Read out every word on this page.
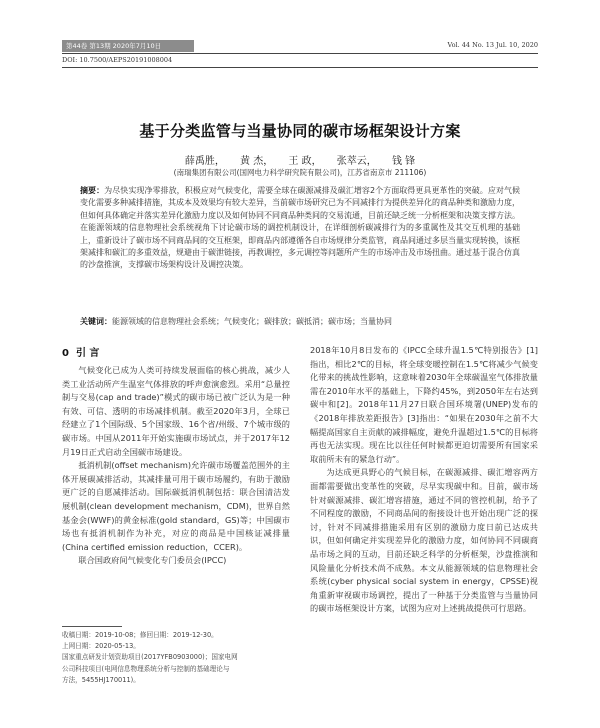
第44卷 第13期 2020年7月10日	Vol. 44 No. 13 Jul. 10, 2020
DOI: 10.7500/AEPS20191008004
基于分类监管与当量协同的碳市场框架设计方案
薛禹胜， 黄 杰， 王 政， 张萃云， 钱 锋
(南瑞集团有限公司(国网电力科学研究院有限公司)，江苏省南京市 211106)
摘要：为尽快实现净零排放，积极应对气候变化，需要全球在碳源减排及碳汇增容2个方面取得更具更革性的突破。应对气候变化需要多种减排措施，其成本及效果均有较大差异，当前碳市场研究已为不同减排行为提供差异化的商品种类和激励力度，但如何具体确定并落实差异化激励力度以及如何协同不同商品种类间的交易流通，目前还缺乏统一分析框架和决策支撑方法。在能源领域的信息物理社会系统视角下讨论碳市场的调控机制设计，在详细剖析碳减排行为的多重属性及其交互机理的基础上，重新设计了碳市场不同商品间的交互框架，即商品内部遵循各自市场规律分类监管，商品间通过多层当量实现转换，该框架减排和碳汇的多重效益，规避由于碳泄链接，再教调控，多元调控等问题所产生的市场冲击及市场扭曲。通过基于混合仿真的沙盘推演，支撑碳市场架构设计及调控决策。
关键词：能源领域的信息物理社会系统；气候变化；碳排放；碳抵消；碳市场；当量协同
0 引 言

气候变化已成为人类可持续发展面临的核心挑战，减少人类工业活动所产生温室气体排放的呼声愈演愈烈。采用“总量控制与交易(cap and trade)”模式的碳市场已被广泛认为是一种有效、可信、透明的市场减排机制。截至2020年3月，全球已经建立了1个国际级、5个国家级、16个省/州级、7个城市级的碳市场。中国从2011年开始实施碳市场试点，并于2017年12月19日正式启动全国碳市场建设。

抵消机制(offset mechanism)允许碳市场覆盖范围外的主体开展碳减排活动，其减排量可用于碳市场履约，有助于激励更广泛的自愿减排活动。国际碳抵消机制包括：联合国清洁发展机制(clean development mechanism，CDM)，世界自然基金会(WWF)的黄金标准(gold standard，GS)等；中国碳市场也有抵消机制作为补充，对应的商品是中国核证减排量(China certified emission reduction，CCER)。

联合国政府间气候变化专门委员会(IPCC)

2018年10月8日发布的《IPCC全球升温1.5℃特别报告》[1]指出，相比2℃的目标，将全球变暖控制在1.5℃将减少气候变化带来的挑战性影响，这意味着2030年全球碳温室气体排放量需在2010年水平的基础上，下降约45%，到2050年左右达到碳中和[2]。2018年11月27日联合国环境署(UNEP)发布的《2018年排放差距报告》[3]指出：“如果在2030年之前不大幅提高国家自主贡献的减排幅度，避免升温超过1.5℃的目标将再也无法实现。现在比以往任何时候都更迫切需要所有国家采取前所未有的紧急行动”。

为达成更具野心的气候目标，在碳源减排、碳汇增容两方面都需要做出变革性的突破，尽早实现碳中和。目前，碳市场针对碳源减排、碳汇增容措施，通过不同的管控机制，给予了不同程度的激励，不同商品间的衔接设计也开始出现广泛的探讨，针对不同减排措施采用有区别的激励力度日前已达成共识，但如何确定并实现差异化的激励力度，如何协同不同碳商品市场之间的互动，目前还缺乏科学的分析框架，沙盘推演和风险量化分析技术尚不成熟。本文从能源领域的信息物理社会系统(cyber physical social system in energy，CPSSE)视角重新审视碳市场调控，提出了一种基于分类监管与当量协同的碳市场框架设计方案，试图为应对上述挑战提供可行思路。

收稿日期：2019-10-08；修回日期：2019-12-30。
上网日期：2020-05-13。
国家重点研发计划资助项目(2017YFB0903000)；国家电网
公司科技项目(电网信息物理系统分析与控制的基础理论与
方法，5455HJ170011)。
